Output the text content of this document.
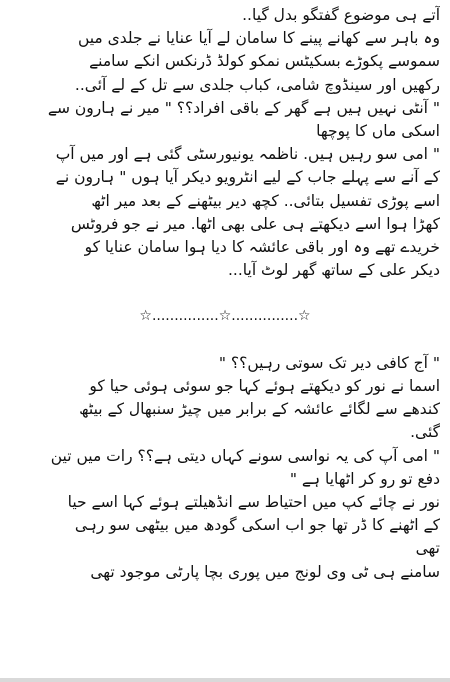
آتے ہی موضوع گفتگو بدل گیا..
وہ باہر سے کھانے پینے کا سامان لے آیا عنایا نے جلدی میں
سموسے پکوڑے بسکیٹس نمکو کولڈ ڈرنکس انکے سامنے
رکھیں اور سینڈوچ شامی، کباب جلدی سے تل کے لے آئی..
" آنٹی نہیں ہیں ہے گھر کے باقی افراد؟؟ " میر نے ہارون سے
اسکی ماں کا پوچھا
" امی سو رہیں ہیں. ناظمہ یونیورسٹی گئی ہے اور میں آپ
کے آنے سے پہلے جاب کے لیے انٹرویو دیکر آیا ہوں " ہارون نے
اسے پوڑی تفسیل بتائی.. کچھ دیر بیٹھنے کے بعد میر اٹھ
کھڑا ہوا اسے دیکھتے ہی علی بھی اٹھا. میر نے جو فروٹس
خریدے تھے وہ اور باقی عائشہ کا دیا ہوا سامان عنایا کو
دیکر علی کے ساتھ گھر لوٹ آیا...
☆...............☆...............☆
" آج کافی دیر تک سوتی رہیں؟؟ "
اسما نے نور کو دیکھتے ہوئے کہا جو سوئی ہوئی حیا کو
کندھے سے لگائے عائشہ کے برابر میں چیڑ سنبھال کے بیٹھ
گئی.
" امی آپ کی یہ نواسی سونے کہاں دیتی ہے؟؟ رات میں تین
دفع تو رو کر اٹھایا ہے "
نور نے چائے کپ میں احتیاط سے انڈھیلتے ہوئے کہا اسے حیا
کے اٹھنے کا ڈر تھا جو اب اسکی گودھ میں بیٹھی سو رہی
تھی
سامنے ہی ٹی وی لونج میں پوری بچا پارٹی موجود تھی
